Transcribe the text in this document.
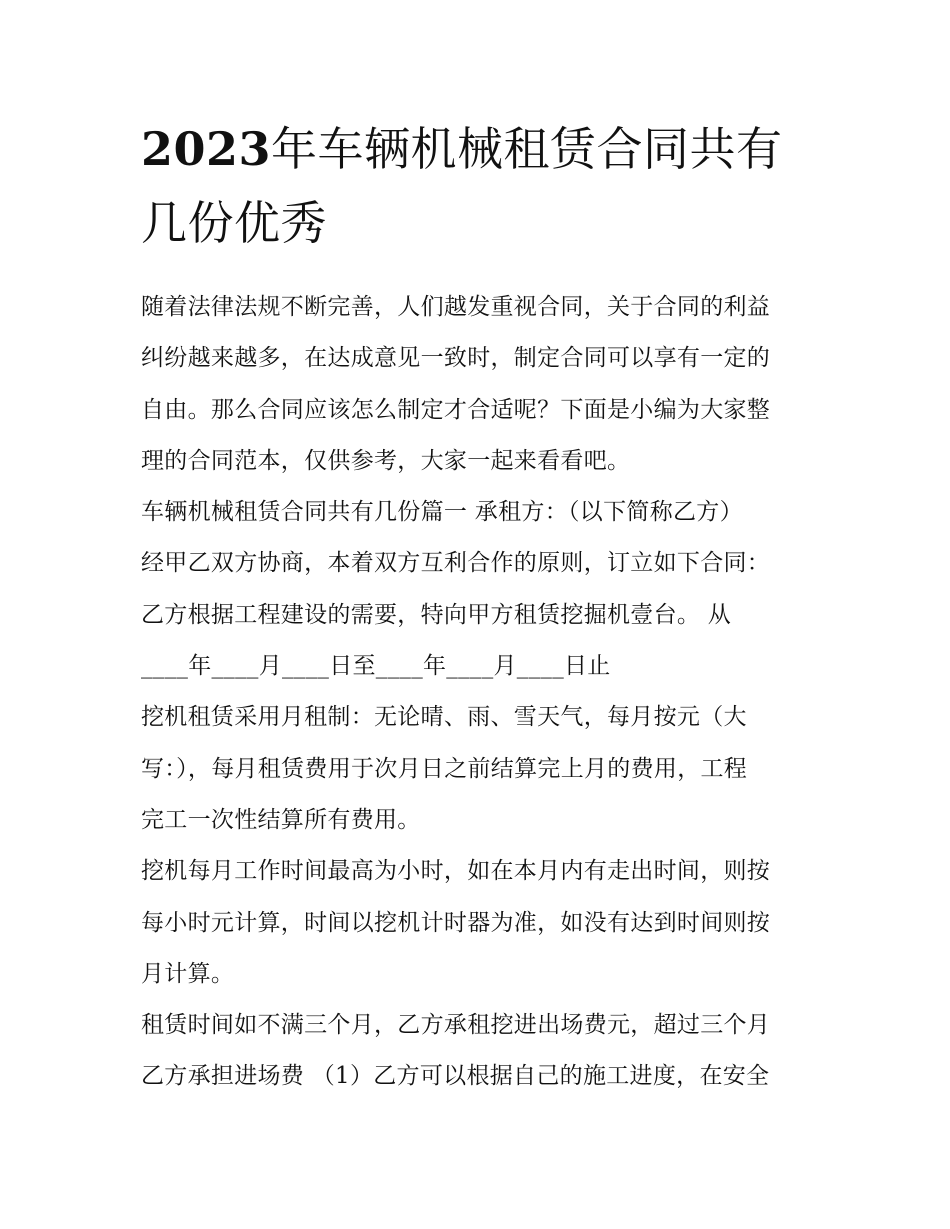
2023年车辆机械租赁合同共有
几份优秀
随着法律法规不断完善，人们越发重视合同，关于合同的利益
纠纷越来越多，在达成意见一致时，制定合同可以享有一定的
自由。那么合同应该怎么制定才合适呢？下面是小编为大家整
理的合同范本，仅供参考，大家一起来看看吧。
车辆机械租赁合同共有几份篇一 承租方：（以下简称乙方）
经甲乙双方协商，本着双方互利合作的原则，订立如下合同：
乙方根据工程建设的需要，特向甲方租赁挖掘机壹台。 从
____年____月____日至____年____月____日止
挖机租赁采用月租制：无论晴、雨、雪天气，每月按元（大
写：），每月租赁费用于次月日之前结算完上月的费用，工程
完工一次性结算所有费用。
挖机每月工作时间最高为小时，如在本月内有走出时间，则按
每小时元计算，时间以挖机计时器为准，如没有达到时间则按
月计算。
租赁时间如不满三个月，乙方承租挖进出场费元，超过三个月
乙方承担进场费 （1）乙方可以根据自己的施工进度，在安全
